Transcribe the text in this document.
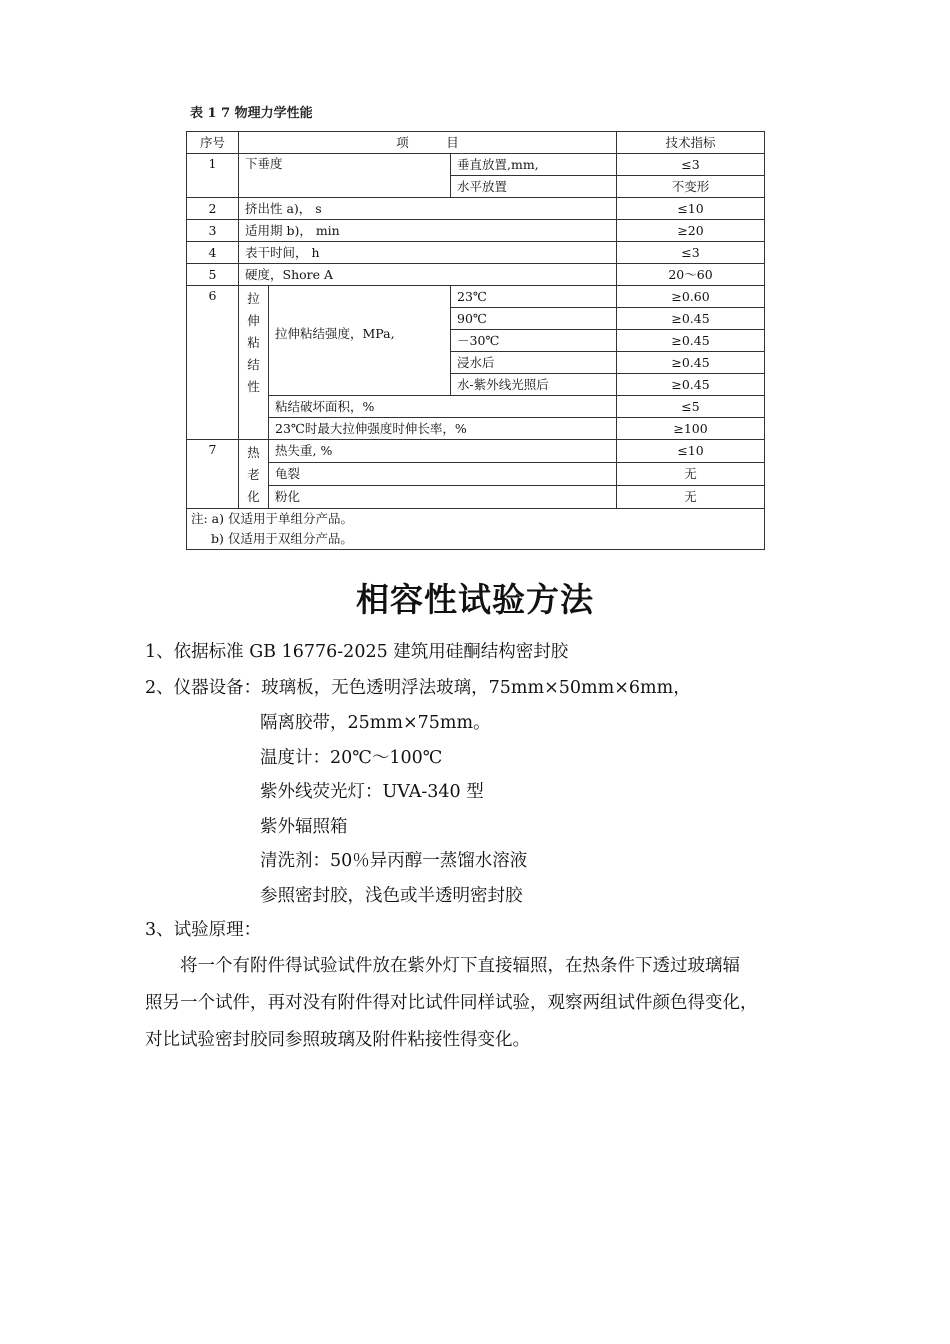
表 1 7 物理力学性能
序号	项　　　目			技术指标
1	下垂度		垂直放置,mm,	≤3
			水平放置	不变形
2	挤出性 a)， s			≤10
3	适用期 b)， min			≥20
4	表干时间， h			≤3
5	硬度，Shore A			20～60
6	拉伸粘结性	拉伸粘结强度，MPa,	23℃	≥0.60
			90℃	≥0.45
			－30℃	≥0.45
			浸水后	≥0.45
			水-紫外线光照后	≥0.45
		粘结破坏面积，%		≤5
		23℃时最大拉伸强度时伸长率，%		≥100
7	热老化	热失重, %		≤10
		龟裂		无
		粉化		无

注: a) 仅适用于单组分产品。
b) 仅适用于双组分产品。				
相容性试验方法
1、依据标准 GB 16776-2025 建筑用硅酮结构密封胶
2、仪器设备：玻璃板，无色透明浮法玻璃，75mm×50mm×6mm，
隔离胶带，25mm×75mm。
温度计：20℃～100℃
紫外线荧光灯：UVA-340 型
紫外辐照箱
清洗剂：50％异丙醇一蒸馏水溶液
参照密封胶，浅色或半透明密封胶
3、试验原理：
　　将一个有附件得试验试件放在紫外灯下直接辐照，在热条件下透过玻璃辐
照另一个试件，再对没有附件得对比试件同样试验，观察两组试件颜色得变化，
对比试验密封胶同参照玻璃及附件粘接性得变化。
